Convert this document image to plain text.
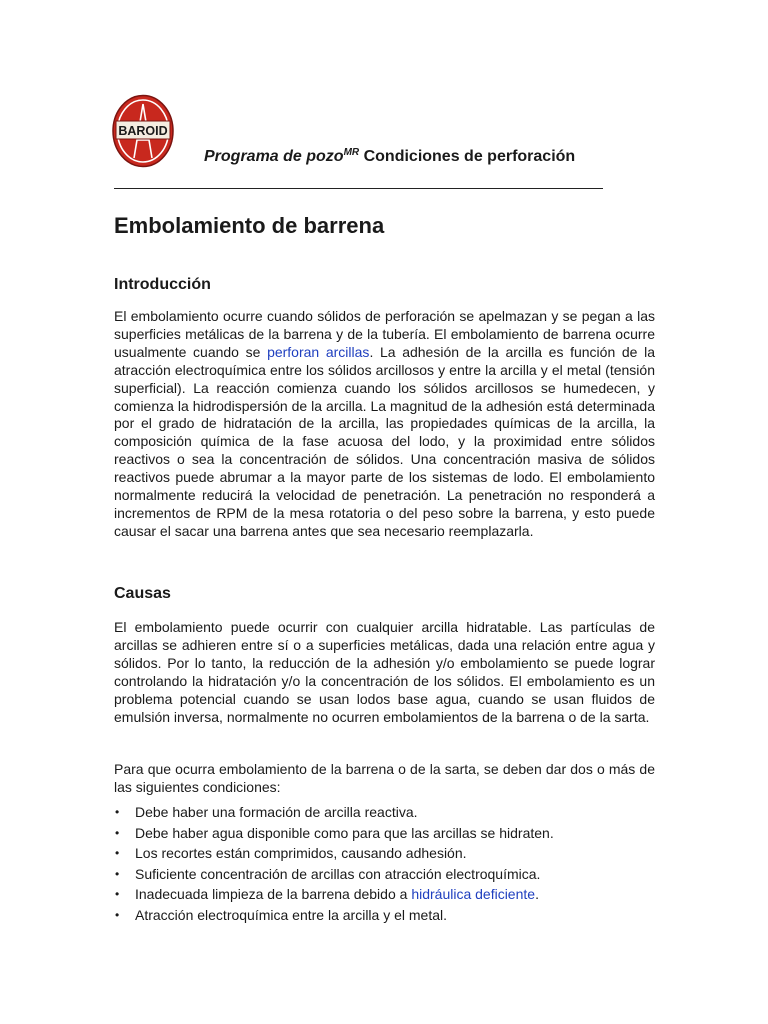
BAROID
Programa de pozo$^{MR}$ Condiciones de perforación
Embolamiento de barrena
Introducción

El embolamiento ocurre cuando sólidos de perforación se apelmazan y se pegan a las superficies metálicas de la barrena y de la tubería. El embolamiento de barrena ocurre usualmente cuando se perforan arcillas. La adhesión de la arcilla es función de la atracción electroquímica entre los sólidos arcillosos y entre la arcilla y el metal (tensión superficial). La reacción comienza cuando los sólidos arcillosos se humedecen, y comienza la hidrodispersión de la arcilla. La magnitud de la adhesión está determinada por el grado de hidratación de la arcilla, las propiedades químicas de la arcilla, la composición química de la fase acuosa del lodo, y la proximidad entre sólidos reactivos o sea la concentración de sólidos. Una concentración masiva de sólidos reactivos puede abrumar a la mayor parte de los sistemas de lodo. El embolamiento normalmente reducirá la velocidad de penetración. La penetración no responderá a incrementos de RPM de la mesa rotatoria o del peso sobre la barrena, y esto puede causar el sacar una barrena antes que sea necesario reemplazarla.

Causas

El embolamiento puede ocurrir con cualquier arcilla hidratable. Las partículas de arcillas se adhieren entre sí o a superficies metálicas, dada una relación entre agua y sólidos. Por lo tanto, la reducción de la adhesión y/o embolamiento se puede lograr controlando la hidratación y/o la concentración de los sólidos. El embolamiento es un problema potencial cuando se usan lodos base agua, cuando se usan fluidos de emulsión inversa, normalmente no ocurren embolamientos de la barrena o de la sarta.

Para que ocurra embolamiento de la barrena o de la sarta, se deben dar dos o más de las siguientes condiciones:

• Debe haber una formación de arcilla reactiva.
• Debe haber agua disponible como para que las arcillas se hidraten.
• Los recortes están comprimidos, causando adhesión.
• Suficiente concentración de arcillas con atracción electroquímica.
• Inadecuada limpieza de la barrena debido a hidráulica deficiente.
• Atracción electroquímica entre la arcilla y el metal.
